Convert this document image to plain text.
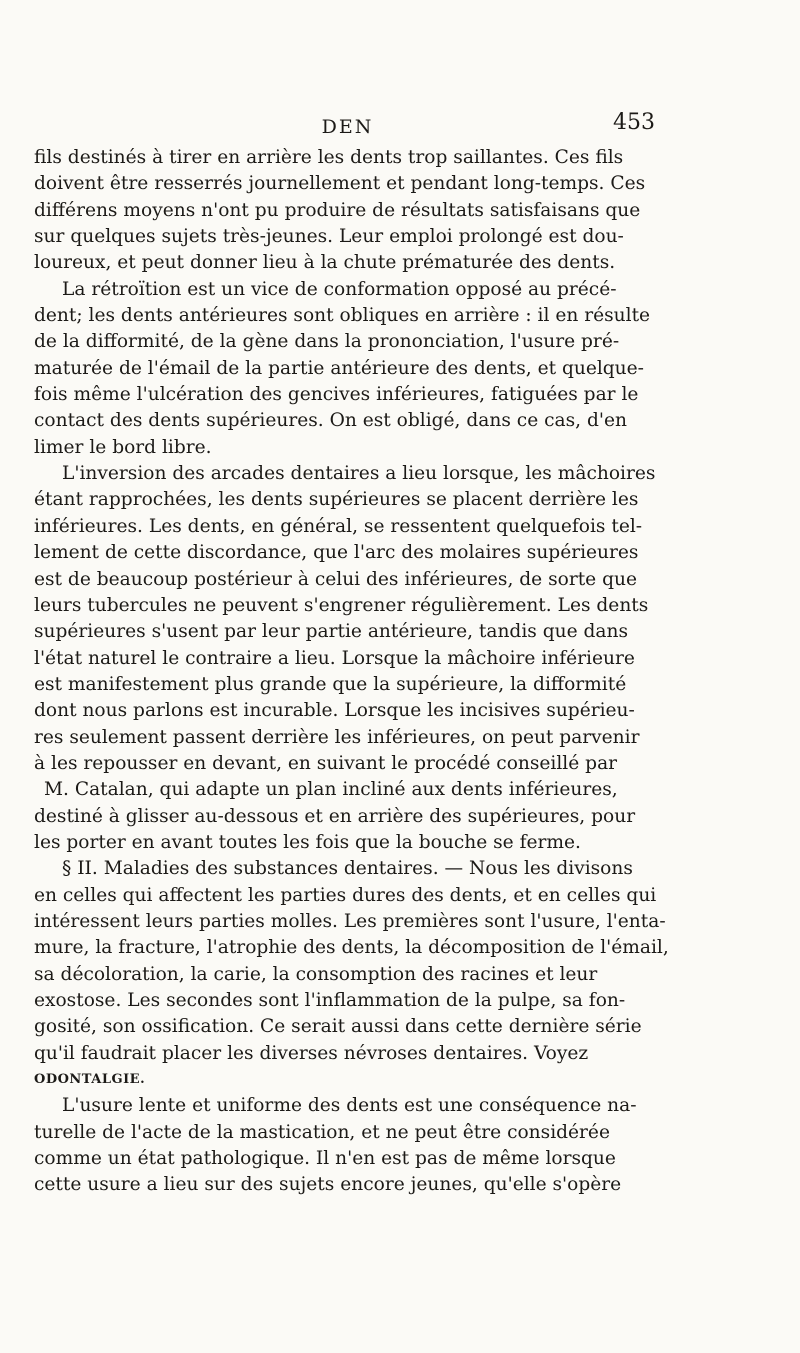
DEN	453
fils destinés à tirer en arrière les dents trop saillantes. Ces fils
doivent être resserrés journellement et pendant long-temps. Ces
différens moyens n'ont pu produire de résultats satisfaisans que
sur quelques sujets très-jeunes. Leur emploi prolongé est dou-
loureux, et peut donner lieu à la chute prématurée des dents.
La rétroïtion est un vice de conformation opposé au précé-
dent; les dents antérieures sont obliques en arrière : il en résulte
de la difformité, de la gène dans la prononciation, l'usure pré-
maturée de l'émail de la partie antérieure des dents, et quelque-
fois même l'ulcération des gencives inférieures, fatiguées par le
contact des dents supérieures. On est obligé, dans ce cas, d'en
limer le bord libre.
L'inversion des arcades dentaires a lieu lorsque, les mâchoires
étant rapprochées, les dents supérieures se placent derrière les
inférieures. Les dents, en général, se ressentent quelquefois tel-
lement de cette discordance, que l'arc des molaires supérieures
est de beaucoup postérieur à celui des inférieures, de sorte que
leurs tubercules ne peuvent s'engrener régulièrement. Les dents
supérieures s'usent par leur partie antérieure, tandis que dans
l'état naturel le contraire a lieu. Lorsque la mâchoire inférieure
est manifestement plus grande que la supérieure, la difformité
dont nous parlons est incurable. Lorsque les incisives supérieu-
res seulement passent derrière les inférieures, on peut parvenir
à les repousser en devant, en suivant le procédé conseillé par
M. Catalan, qui adapte un plan incliné aux dents inférieures,
destiné à glisser au-dessous et en arrière des supérieures, pour
les porter en avant toutes les fois que la bouche se ferme.
§ II. Maladies des substances dentaires. — Nous les divisons
en celles qui affectent les parties dures des dents, et en celles qui
intéressent leurs parties molles. Les premières sont l'usure, l'enta-
mure, la fracture, l'atrophie des dents, la décomposition de l'émail,
sa décoloration, la carie, la consomption des racines et leur
exostose. Les secondes sont l'inflammation de la pulpe, sa fon-
gosité, son ossification. Ce serait aussi dans cette dernière série
qu'il faudrait placer les diverses névroses dentaires. Voyez
ODONTALGIE.
L'usure lente et uniforme des dents est une conséquence na-
turelle de l'acte de la mastication, et ne peut être considérée
comme un état pathologique. Il n'en est pas de même lorsque
cette usure a lieu sur des sujets encore jeunes, qu'elle s'opère
